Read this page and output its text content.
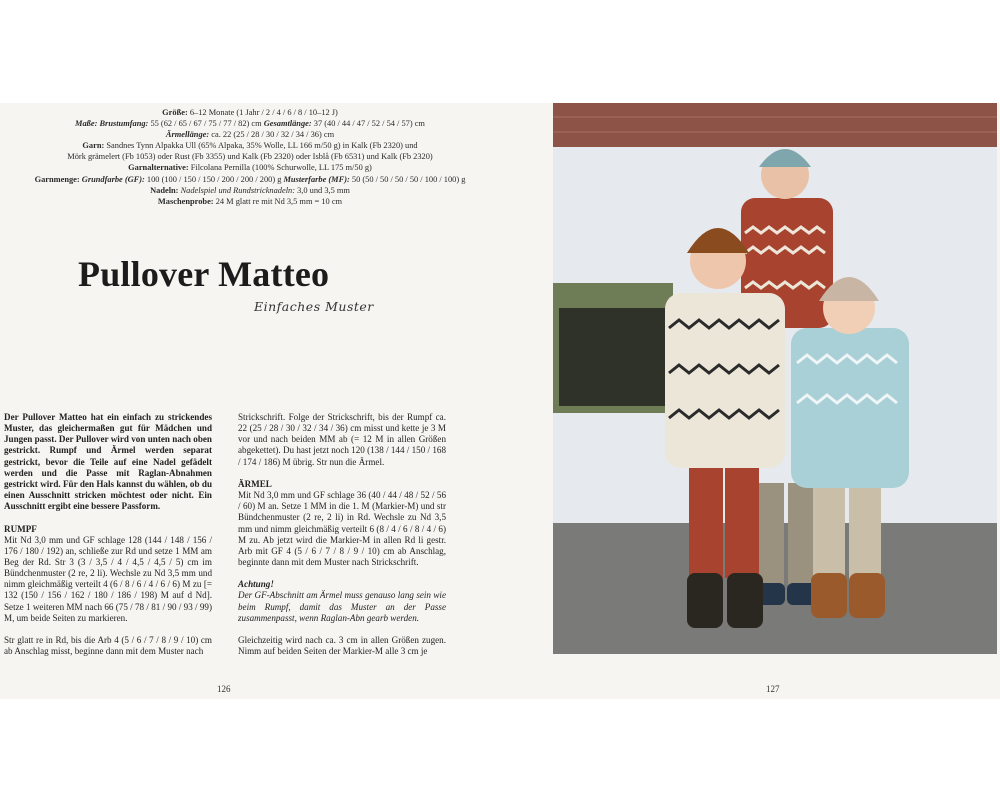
Größe: 6–12 Monate (1 Jahr / 2 / 4 / 6 / 8 / 10–12 J)
Maße: Brustumfang: 55 (62 / 65 / 67 / 75 / 77 / 82) cm Gesamtlänge: 37 (40 / 44 / 47 / 52 / 54 / 57) cm
Ärmellänge: ca. 22 (25 / 28 / 30 / 32 / 34 / 36) cm
Garn: Sandnes Tynn Alpakka Ull (65% Alpaka, 35% Wolle, LL 166 m/50 g) in Kalk (Fb 2320) und
Mörk grämelert (Fb 1053) oder Rust (Fb 3355) und Kalk (Fb 2320) oder Isblå (Fb 6531) und Kalk (Fb 2320)
Garnalternative: Filcolana Pernilla (100% Schurwolle, LL 175 m/50 g)
Garnmenge: Grundfarbe (GF): 100 (100 / 150 / 150 / 200 / 200 / 200) g Musterfarbe (MF): 50 (50 / 50 / 50 / 50 / 100 / 100) g
Nadeln: Nadelspiel und Rundstricknadeln: 3,0 und 3,5 mm
Maschenprobe: 24 M glatt re mit Nd 3,5 mm = 10 cm
Pullover Matteo
Einfaches Muster

Der Pullover Matteo hat ein einfach zu strickendes Muster, das gleichermaßen gut für Mädchen und Jungen passt. Der Pullover wird von unten nach oben gestrickt. Rumpf und Ärmel werden separat gestrickt, bevor die Teile auf eine Nadel gefädelt werden und die Passe mit Raglan-Abnahmen gestrickt wird. Für den Hals kannst du wählen, ob du einen Ausschnitt stricken möchtest oder nicht. Ein Ausschnitt ergibt eine bessere Passform.

RUMPF

Mit Nd 3,0 mm und GF schlage 128 (144 / 148 / 156 / 176 / 180 / 192) an, schließe zur Rd und setze 1 MM am Beg der Rd. Str 3 (3 / 3,5 / 4 / 4,5 / 4,5 / 5) cm im Bündchenmuster (2 re, 2 li). Wechsle zu Nd 3,5 mm und nimm gleichmäßig verteilt 4 (6 / 8 / 6 / 4 / 6 / 6) M zu [= 132 (150 / 156 / 162 / 180 / 186 / 198) M auf d Nd]. Setze 1 weiteren MM nach 66 (75 / 78 / 81 / 90 / 93 / 99) M, um beide Seiten zu markieren.

Str glatt re in Rd, bis die Arb 4 (5 / 6 / 7 / 8 / 9 / 10) cm ab Anschlag misst, beginne dann mit dem Muster nach

Strickschrift. Folge der Strickschrift, bis der Rumpf ca. 22 (25 / 28 / 30 / 32 / 34 / 36) cm misst und kette je 3 M vor und nach beiden MM ab (= 12 M in allen Größen abgekettet). Du hast jetzt noch 120 (138 / 144 / 150 / 168 / 174 / 186) M übrig. Str nun die Ärmel.

ÄRMEL

Mit Nd 3,0 mm und GF schlage 36 (40 / 44 / 48 / 52 / 56 / 60) M an. Setze 1 MM in die 1. M (Markier-M) und str Bündchenmuster (2 re, 2 li) in Rd. Wechsle zu Nd 3,5 mm und nimm gleichmäßig verteilt 6 (8 / 4 / 6 / 8 / 4 / 6) M zu. Ab jetzt wird die Markier-M in allen Rd li gestr. Arb mit GF 4 (5 / 6 / 7 / 8 / 9 / 10) cm ab Anschlag, beginnte dann mit dem Muster nach Strickschrift.

Achtung!

Der GF-Abschnitt am Ärmel muss genauso lang sein wie beim Rumpf, damit das Muster an der Passe zusammenpasst, wenn Raglan-Abn gearb werden.

Gleichzeitig wird nach ca. 3 cm in allen Größen zugen. Nimm auf beiden Seiten der Markier-M alle 3 cm je

126	127
